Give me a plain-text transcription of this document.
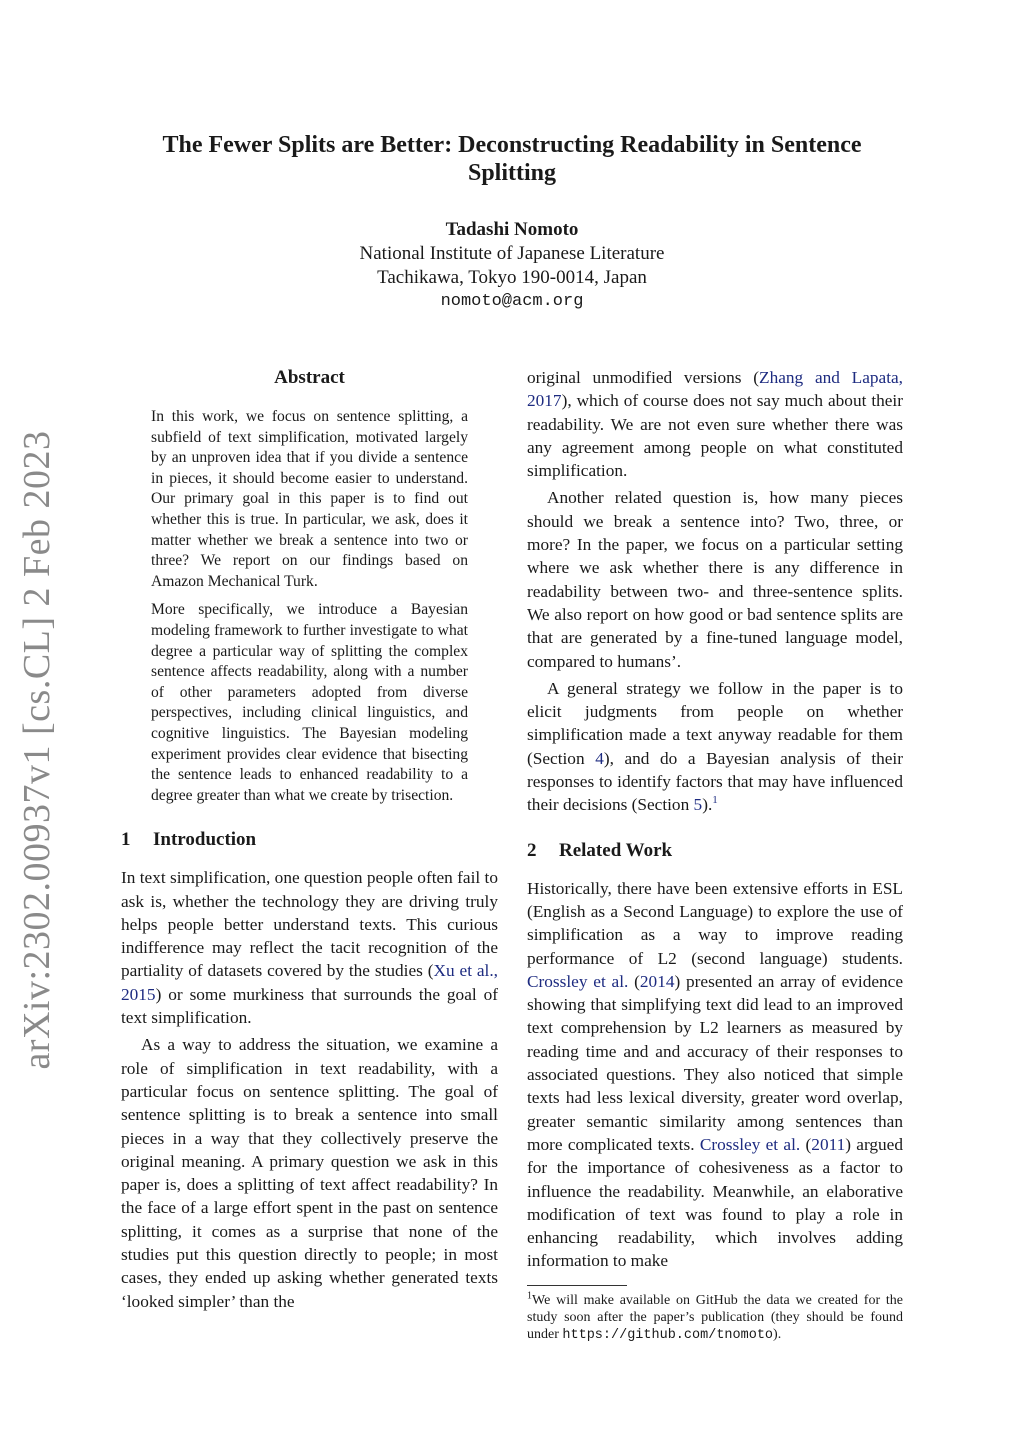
arXiv:2302.00937v1 [cs.CL] 2 Feb 2023
The Fewer Splits are Better: Deconstructing Readability in Sentence Splitting
Tadashi Nomoto
National Institute of Japanese Literature
Tachikawa, Tokyo 190-0014, Japan
nomoto@acm.org
Abstract

In this work, we focus on sentence splitting, a subfield of text simplification, motivated largely by an unproven idea that if you divide a sentence in pieces, it should become easier to understand. Our primary goal in this paper is to find out whether this is true. In particular, we ask, does it matter whether we break a sentence into two or three? We report on our findings based on Amazon Mechanical Turk.

More specifically, we introduce a Bayesian modeling framework to further investigate to what degree a particular way of splitting the complex sentence affects readability, along with a number of other parameters adopted from diverse perspectives, including clinical linguistics, and cognitive linguistics. The Bayesian modeling experiment provides clear evidence that bisecting the sentence leads to enhanced readability to a degree greater than what we create by trisection.

1 Introduction

In text simplification, one question people often fail to ask is, whether the technology they are driving truly helps people better understand texts. This curious indifference may reflect the tacit recognition of the partiality of datasets covered by the studies (Xu et al., 2015) or some murkiness that surrounds the goal of text simplification.

As a way to address the situation, we examine a role of simplification in text readability, with a particular focus on sentence splitting. The goal of sentence splitting is to break a sentence into small pieces in a way that they collectively preserve the original meaning. A primary question we ask in this paper is, does a splitting of text affect readability? In the face of a large effort spent in the past on sentence splitting, it comes as a surprise that none of the studies put this question directly to people; in most cases, they ended up asking whether generated texts ‘looked simpler’ than the

original unmodified versions (Zhang and Lapata, 2017), which of course does not say much about their readability. We are not even sure whether there was any agreement among people on what constituted simplification.

Another related question is, how many pieces should we break a sentence into? Two, three, or more? In the paper, we focus on a particular setting where we ask whether there is any difference in readability between two- and three-sentence splits. We also report on how good or bad sentence splits are that are generated by a fine-tuned language model, compared to humans’.

A general strategy we follow in the paper is to elicit judgments from people on whether simplification made a text anyway readable for them (Section 4), and do a Bayesian analysis of their responses to identify factors that may have influenced their decisions (Section 5).$^1$

2 Related Work

Historically, there have been extensive efforts in ESL (English as a Second Language) to explore the use of simplification as a way to improve reading performance of L2 (second language) students. Crossley et al. (2014) presented an array of evidence showing that simplifying text did lead to an improved text comprehension by L2 learners as measured by reading time and and accuracy of their responses to associated questions. They also noticed that simple texts had less lexical diversity, greater word overlap, greater semantic similarity among sentences than more complicated texts. Crossley et al. (2011) argued for the importance of cohesiveness as a factor to influence the readability. Meanwhile, an elaborative modification of text was found to play a role in enhancing readability, which involves adding information to make

$^1$We will make available on GitHub the data we created for the study soon after the paper’s publication (they should be found under https://github.com/tnomoto).
